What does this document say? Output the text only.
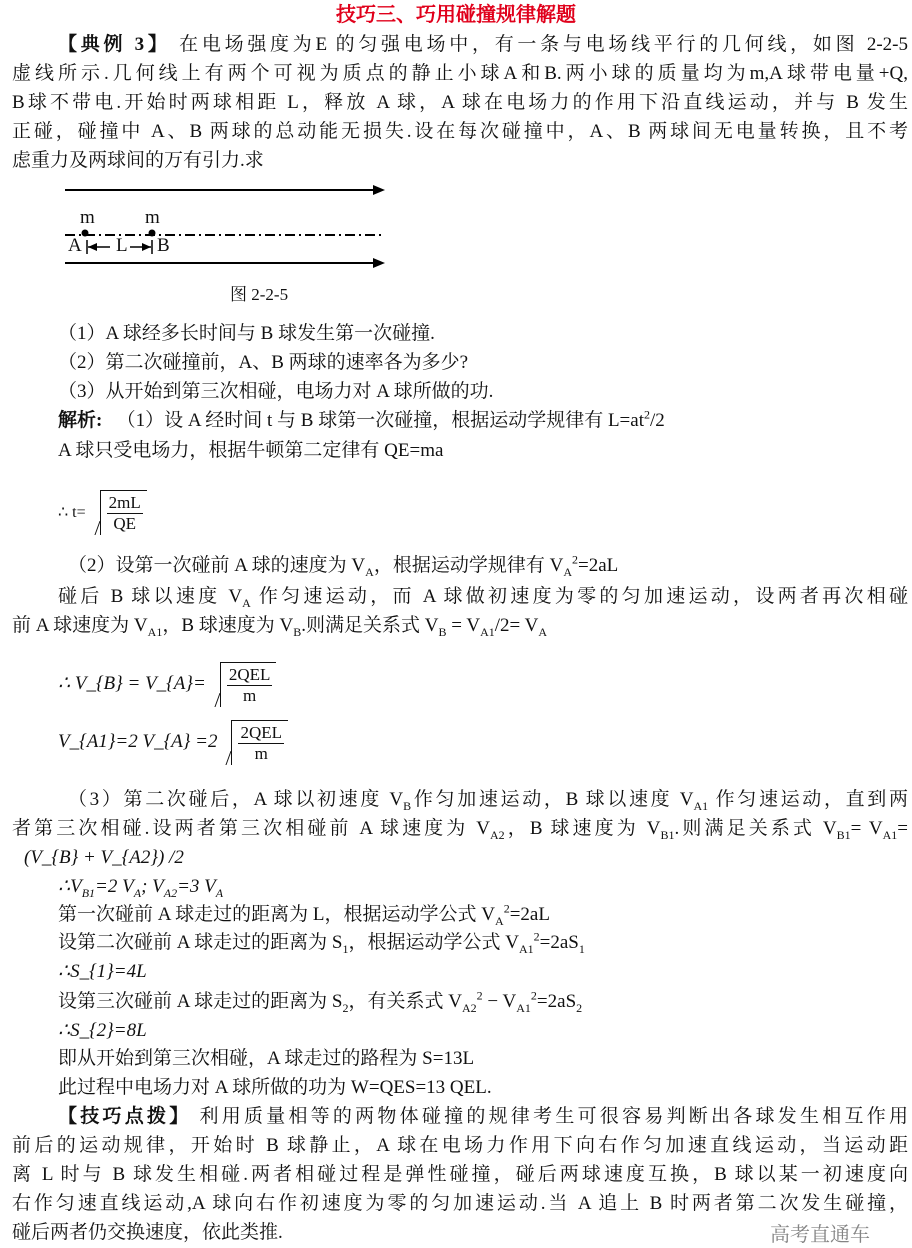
技巧三、巧用碰撞规律解题
【典例 3】 在电场强度为E 的匀强电场中，有一条与电场线平行的几何线，如图 2-2-5
虚线所示.几何线上有两个可视为质点的静止小球A和B.两小球的质量均为m,A球带电量+Q,
B球不带电.开始时两球相距 L，释放 A 球，A 球在电场力的作用下沿直线运动，并与 B 发生
正碰，碰撞中 A、B 两球的总动能无损失.设在每次碰撞中，A、B 两球间无电量转换，且不考
虑重力及两球间的万有引力.求
m	m
A L B
图 2-2-5
（1）A 球经多长时间与 B 球发生第一次碰撞.
（2）第二次碰撞前，A、B 两球的速率各为多少?
（3）从开始到第三次相碰，电场力对 A 球所做的功.
解析: （1）设 A 经时间 t 与 B 球第一次碰撞，根据运动学规律有 $L=at^2/2$
A 球只受电场力，根据牛顿第二定律有 QE=ma
∴ $t= \frac{2mL}{QE}$
（2）设第一次碰前 A 球的速度为 $V_A$，根据运动学规律有 $V_A^2=2aL$
碰后 B 球以速度 $V_A$ 作匀速运动，而 A 球做初速度为零的匀加速运动，设两者再次相碰
前 A 球速度为 $V_{A1}$，B 球速度为 $V_B$.则满足关系式 $V_B = V_{A1}/2= V_A$
∴ V_{B} = V_{A}= $\frac{\text{2QEL}}{m}$
V_{A1}=2 V_{A} $=2 \frac{\text{2QEL}}{m}$
（3）第二次碰后，A 球以初速度 $V_B$作匀加速运动，B 球以速度 $V_{A1}$ 作匀速运动，直到两
者第三次相碰.设两者第三次相碰前 A 球速度为 $V_{A2}$，B 球速度为 $V_{B1}$.则满足关系式 $V_{B1}= V_{A1}=$
(V_{B} + V_{A2}) /2
$\therefore V_{B1}=2$ $V_A$; $V_{A2}=3$ $V_A$
第一次碰前 A 球走过的距离为 L，根据运动学公式 $V_A^2=2aL$
设第二次碰前 A 球走过的距离为 $S_1$，根据运动学公式 $V_{A1}^2=2aS_1$
∴S_{1}=4L
设第三次碰前 A 球走过的距离为 $S_2$，有关系式 $V_{A2}^2 - V_{A1}^2=2aS_2$
∴S_{2}=8L
即从开始到第三次相碰，A 球走过的路程为 S=13L
此过程中电场力对 A 球所做的功为 W=QES=13 QEL.
【技巧点拨】 利用质量相等的两物体碰撞的规律考生可很容易判断出各球发生相互作用
前后的运动规律，开始时 B 球静止，A 球在电场力作用下向右作匀加速直线运动，当运动距
离 L 时与 B 球发生相碰.两者相碰过程是弹性碰撞，碰后两球速度互换，B 球以某一初速度向
右作匀速直线运动,A 球向右作初速度为零的匀加速运动.当 A 追上 B 时两者第二次发生碰撞，
碰后两者仍交换速度，依此类推.	高考直通车
